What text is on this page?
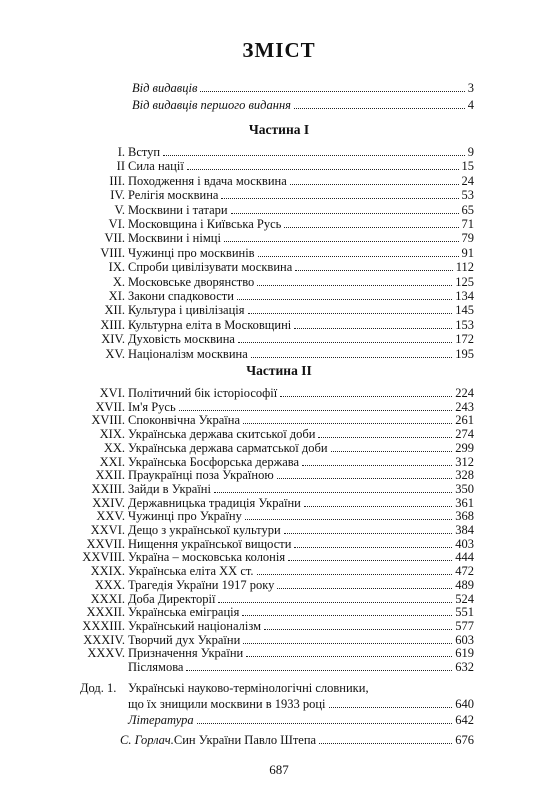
ЗМІСТ
Від видавців	3
Від видавців першого видання	4
Частина І
І. Вступ	9
ІІ Сила нації	15
III. Походження і вдача москвина	24
IV. Релігія москвина	53
V. Москвини і татари	65
VI. Московщина і Київська Русь	71
VII. Москвини і німці	79
VIII. Чужинці про москвинів	91
IX. Спроби цивілізувати москвина	112
X. Московське дворянство	125
XI. Закони спадковости	134
XII. Культура і цивілізація	145
XIII. Культурна еліта в Московщині	153
XIV. Духовість москвина	172
XV. Націоналізм москвина	195
Частина ІІ
XVI. Політичний бік історіософії	224
XVII. Ім'я Русь	243
XVIII. Споконвічна Україна	261
XIX. Українська держава скитської доби	274
XX. Українська держава сарматської доби	299
XXI. Українська Босфорська держава	312
XXII. Праукраїнці поза Україною	328
XXIII. Зайди в Україні	350
XXIV. Державницька традиція України	361
XXV. Чужинці про Україну	368
XXVI. Дещо з української культури	384
XXVII. Нищення української вищости	403
XXVIII. Україна – московська колонія	444
XXIX. Українська еліта XX ст.	472
XXX. Трагедія України 1917 року	489
XXXI. Доба Директорії	524
XXXII. Українська еміграція	551
XXXIII. Український націоналізм	577
XXXIV. Творчий дух України	603
XXXV. Призначення України	619
Післямова	632
Дод. 1. Українські науково-термінологічні словники,
що їх знищили москвини в 1933 році	640
Література	642
С. Горлач. Син України Павло Штепа	676
687
